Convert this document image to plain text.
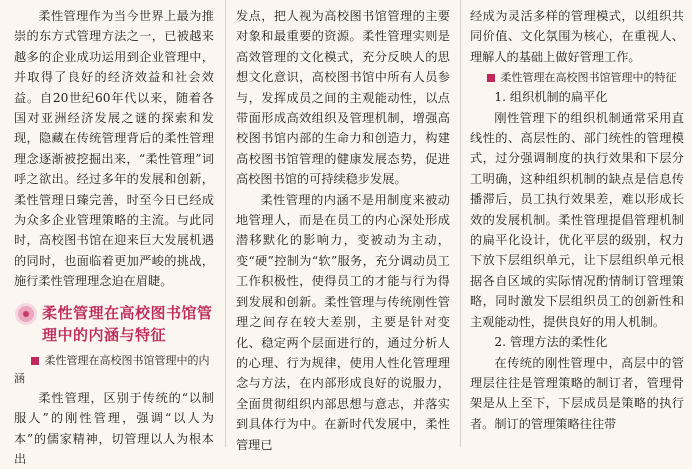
柔性管理作为当今世界上最为推崇的东方式管理方法之一，已被越来越多的企业成功运用到企业管理中，并取得了良好的经济效益和社会效益。自20世纪60年代以来，随着各国对亚洲经济发展之谜的探索和发现，隐藏在传统管理背后的柔性管理理念逐渐被挖掘出来，“柔性管理”词呼之欲出。经过多年的发展和创新，柔性管理日臻完善，时至今日已经成为众多企业管理策略的主流。与此同时，高校图书馆在迎来巨大发展机遇的同时，也面临着更加严峻的挑战，施行柔性管理理念迫在眉睫。

柔性管理在高校图书馆管理中的内涵与特征
柔性管理在高校图书馆管理中的内涵

柔性管理，区别于传统的“以制服人”的刚性管理，强调“以人为本”的儒家精神，切管理以人为根本出

发点，把人视为高校图书馆管理的主要对象和最重要的资源。柔性管理实则是高效管理的文化模式，充分反映人的思想文化意识，高校图书馆中所有人员参与，发挥成员之间的主观能动性，以点带面形成高效组织及管理机制，增强高校图书馆内部的生命力和创造力，构建高校图书馆管理的健康发展态势，促进高校图书馆的可持续稳步发展。

柔性管理的内涵不是用制度来被动地管理人，而是在员工的内心深处形成潜移默化的影响力，变被动为主动，变“硬”控制为“软”服务，充分调动员工工作积极性，使得员工的才能与行为得到发展和创新。柔性管理与传统刚性管理之间存在较大差别，主要是针对变化、稳定两个层面进行的，通过分析人的心理、行为规律，使用人性化管理理念与方法，在内部形成良好的说服力，全面贯彻组织内部思想与意志，并落实到具体行为中。在新时代发展中，柔性管理已

经成为灵活多样的管理模式，以组织共同价值、文化氛围为核心，在重视人、理解人的基础上做好管理工作。

柔性管理在高校图书馆管理中的特征
1. 组织机制的扁平化

刚性管理下的组织机制通常采用直线性的、高层性的、部门统性的管理模式，过分强调制度的执行效果和下层分工明确，这种组织机制的缺点是信息传播滞后，员工执行效果差，难以形成长效的发展机制。柔性管理提倡管理机制的扁平化设计，优化平层的级别，权力下放下层组织单元，让下层组织单元根据各自区域的实际情况酌情制订管理策略，同时激发下层组织员工的创新性和主观能动性，提供良好的用人机制。

2. 管理方法的柔性化

在传统的刚性管理中，高层中的管理层往往是管理策略的制订者，管理骨架是从上至下，下层成员是策略的执行者。制订的管理策略往往带
